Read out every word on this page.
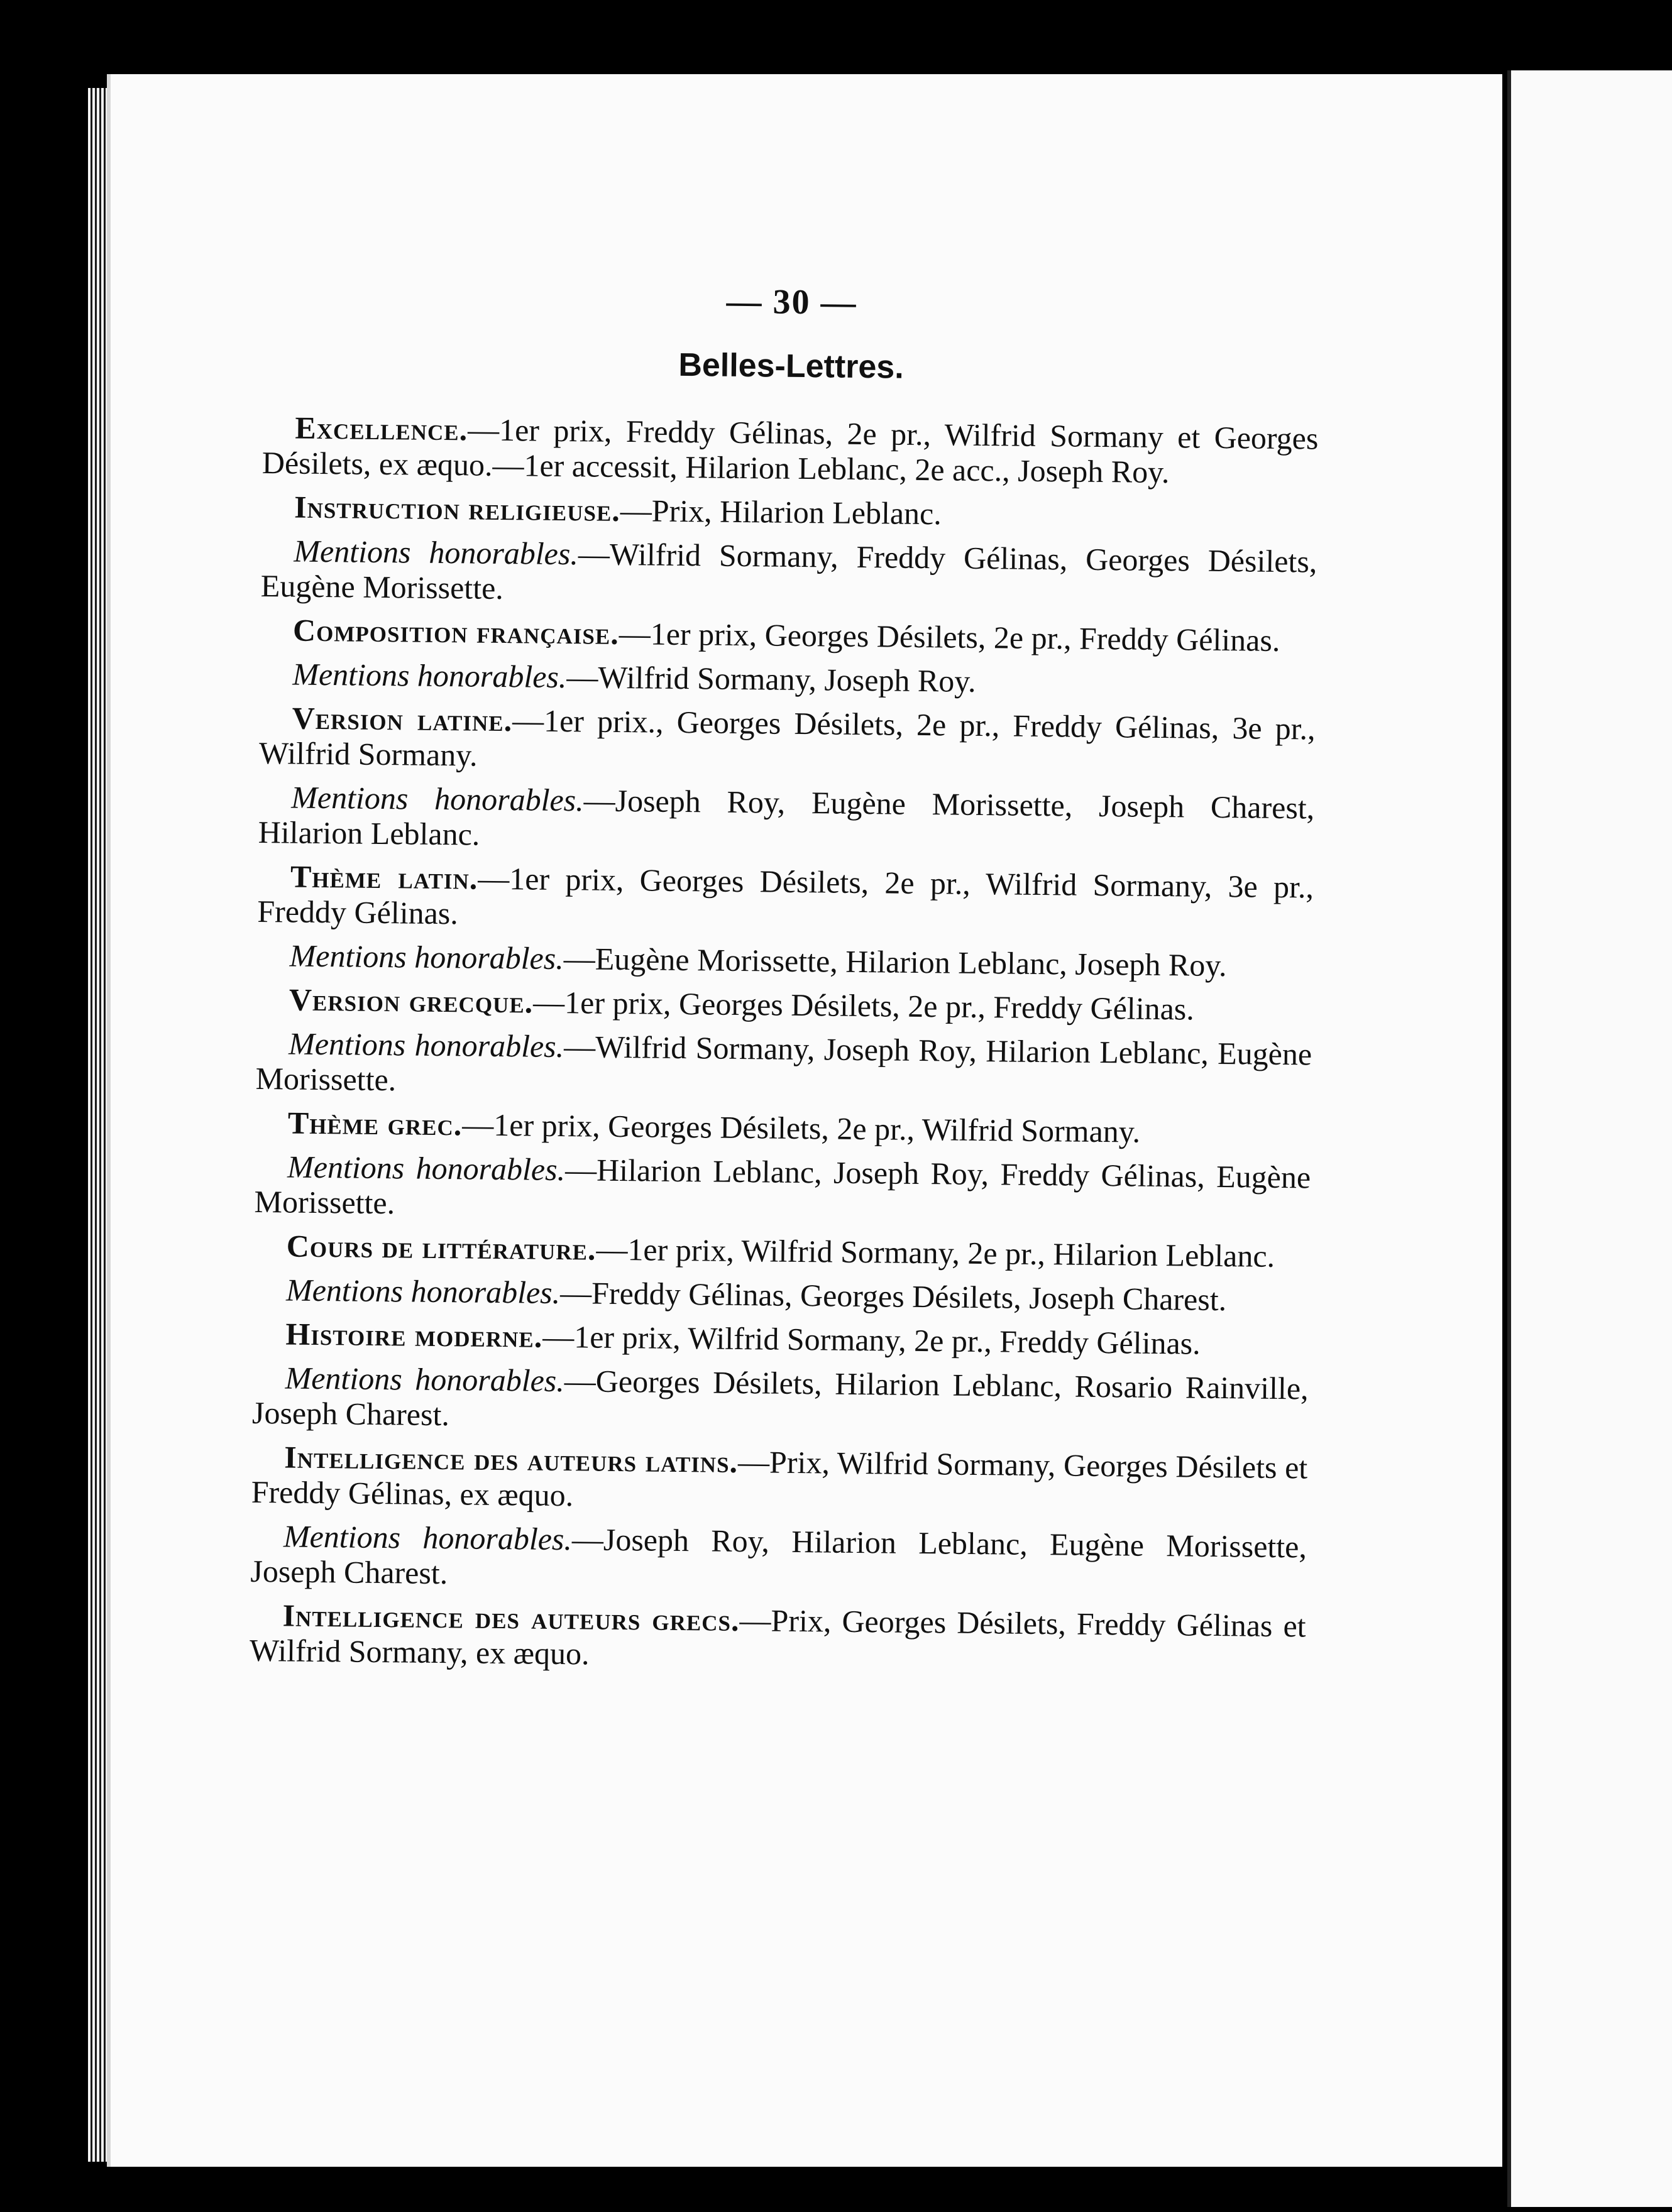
— 30 —
Belles-Lettres.

Excellence.—1er prix, Freddy Gélinas, 2e pr., Wilfrid Sormany et Georges Désilets, ex æquo.—1er accessit, Hilarion Leblanc, 2e acc., Joseph Roy.

Instruction religieuse.—Prix, Hilarion Leblanc.

Mentions honorables.—Wilfrid Sormany, Freddy Gélinas, Georges Désilets, Eugène Morissette.

Composition française.—1er prix, Georges Désilets, 2e pr., Freddy Gélinas.

Mentions honorables.—Wilfrid Sormany, Joseph Roy.

Version latine.—1er prix., Georges Désilets, 2e pr., Freddy Gélinas, 3e pr., Wilfrid Sormany.

Mentions honorables.—Joseph Roy, Eugène Morissette, Joseph Charest, Hilarion Leblanc.

Thème latin.—1er prix, Georges Désilets, 2e pr., Wilfrid Sormany, 3e pr., Freddy Gélinas.

Mentions honorables.—Eugène Morissette, Hilarion Leblanc, Joseph Roy.

Version grecque.—1er prix, Georges Désilets, 2e pr., Freddy Gélinas.

Mentions honorables.—Wilfrid Sormany, Joseph Roy, Hilarion Leblanc, Eugène Morissette.

Thème grec.—1er prix, Georges Désilets, 2e pr., Wilfrid Sormany.

Mentions honorables.—Hilarion Leblanc, Joseph Roy, Freddy Gélinas, Eugène Morissette.

Cours de littérature.—1er prix, Wilfrid Sormany, 2e pr., Hilarion Leblanc.

Mentions honorables.—Freddy Gélinas, Georges Désilets, Joseph Charest.

Histoire moderne.—1er prix, Wilfrid Sormany, 2e pr., Freddy Gélinas.

Mentions honorables.—Georges Désilets, Hilarion Leblanc, Rosario Rainville, Joseph Charest.

Intelligence des auteurs latins.—Prix, Wilfrid Sormany, Georges Désilets et Freddy Gélinas, ex æquo.

Mentions honorables.—Joseph Roy, Hilarion Leblanc, Eugène Morissette, Joseph Charest.

Intelligence des auteurs grecs.—Prix, Georges Désilets, Freddy Gélinas et Wilfrid Sormany, ex æquo.
